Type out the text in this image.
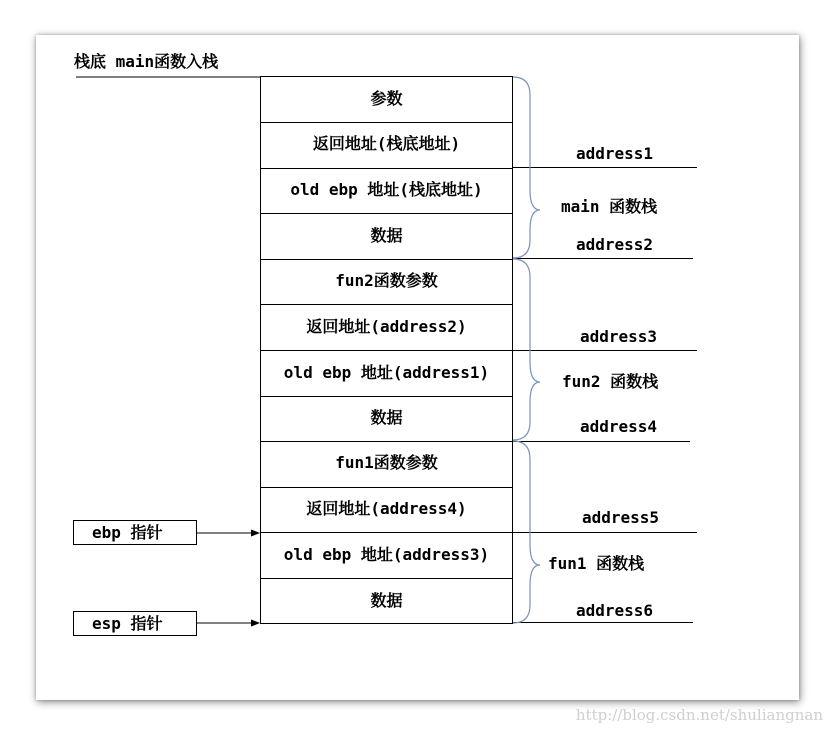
栈底 main函数入栈
参数
返回地址(栈底地址)
old ebp 地址(栈底地址)
数据
fun2函数参数
返回地址(address2)
old ebp 地址(address1)
数据
fun1函数参数
返回地址(address4)
old ebp 地址(address3)
数据
address1
address2
address3
address4
address5
address6
main 函数栈
fun2 函数栈
fun1 函数栈
ebp 指针
esp 指针
http://blog.csdn.net/shuliangnan
